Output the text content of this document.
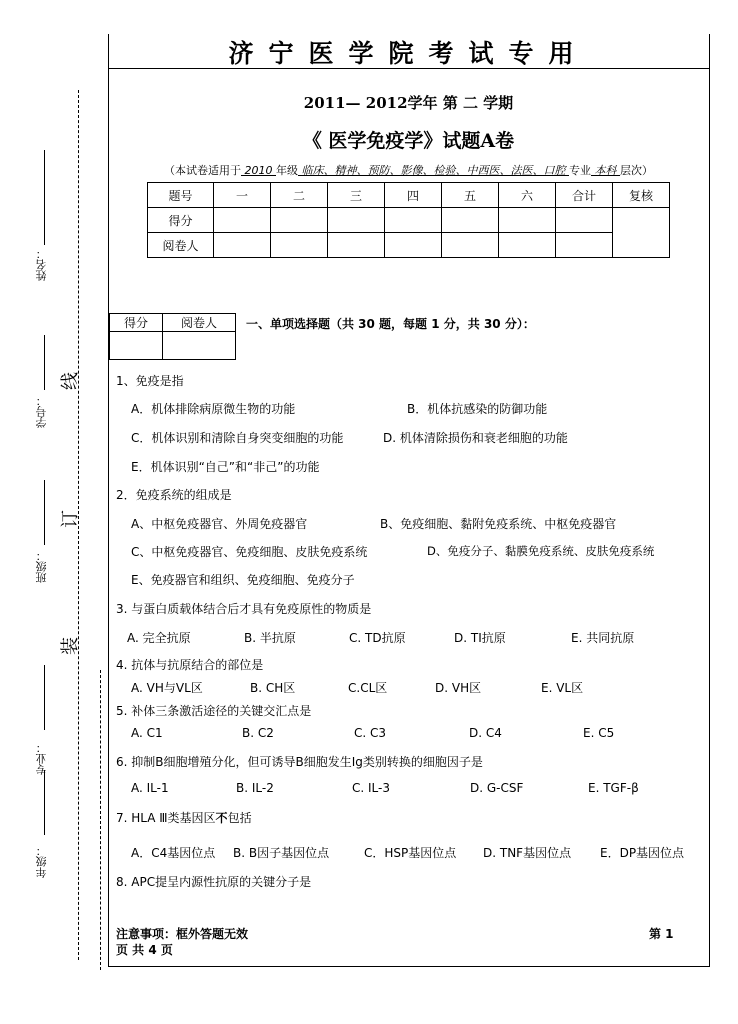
姓名：
学号：
班级：
专业：
年级：
线
订
装
济宁医学院考试专用
2011— 2012学年 第 二 学期
《 医学免疫学》试题A卷
（本试卷适用于 2010 年级 临床、精神、预防、影像、检验、中西医、法医、口腔 专业 本科 层次）
题号	一	二	三	四	五	六	合计	复核
得分								
阅卷人								
得分	阅卷人
	一、单项选择题（共 30 题，每题 1 分，共 30 分）：
1、免疫是指
A．机体排除病原微生物的功能	B．机体抗感染的防御功能
C．机体识别和清除自身突变细胞的功能	D. 机体清除损伤和衰老细胞的功能
E．机体识别“自己”和“非己”的功能
2．免疫系统的组成是
A、中枢免疫器官、外周免疫器官	B、免疫细胞、黏附免疫系统、中枢免疫器官
C、中枢免疫器官、免疫细胞、皮肤免疫系统	D、免疫分子、黏膜免疫系统、皮肤免疫系统
E、免疫器官和组织、免疫细胞、免疫分子
3. 与蛋白质载体结合后才具有免疫原性的物质是
A. 完全抗原	B. 半抗原	C. TD抗原	D. TI抗原	E. 共同抗原
4. 抗体与抗原结合的部位是
A. VH与VL区	B. CH区	C.CL区	D. VH区	E. VL区
5. 补体三条激活途径的关键交汇点是
A. C1	B. C2	C. C3	D. C4	E. C5
6. 抑制B细胞增殖分化，但可诱导B细胞发生Ig类别转换的细胞因子是
A. IL-1	B. IL-2	C. IL-3	D. G-CSF	E. TGF-β
7. HLA Ⅲ类基因区不包括
A．C4基因位点 B. B因子基因位点	C．HSP基因位点 D. TNF基因位点 E．DP基因位点
8. APC提呈内源性抗原的关键分子是
注意事项：框外答题无效	第 1
页 共 4 页
